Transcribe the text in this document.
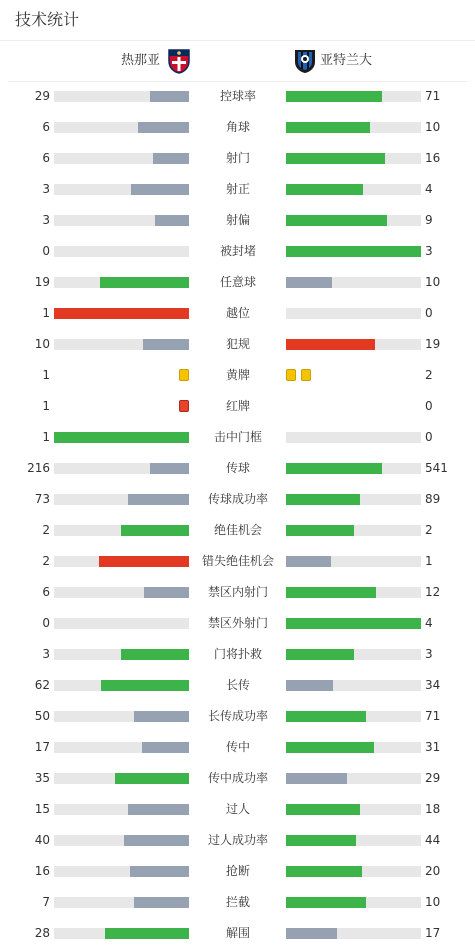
技术统计
热那亚	亚特兰大
29	控球率	71
6	角球	10
6	射门	16
3	射正	4
3	射偏	9
0	被封堵	3
19	任意球	10
1	越位	0
10	犯规	19
1	黄牌	2
1	红牌	0
1	击中门框	0
216	传球	541
73	传球成功率	89
2	绝佳机会	2
2	错失绝佳机会	1
6	禁区内射门	12
0	禁区外射门	4
3	门将扑救	3
62	长传	34
50	长传成功率	71
17	传中	31
35	传中成功率	29
15	过人	18
40	过人成功率	44
16	抢断	20
7	拦截	10
28	解围	17
